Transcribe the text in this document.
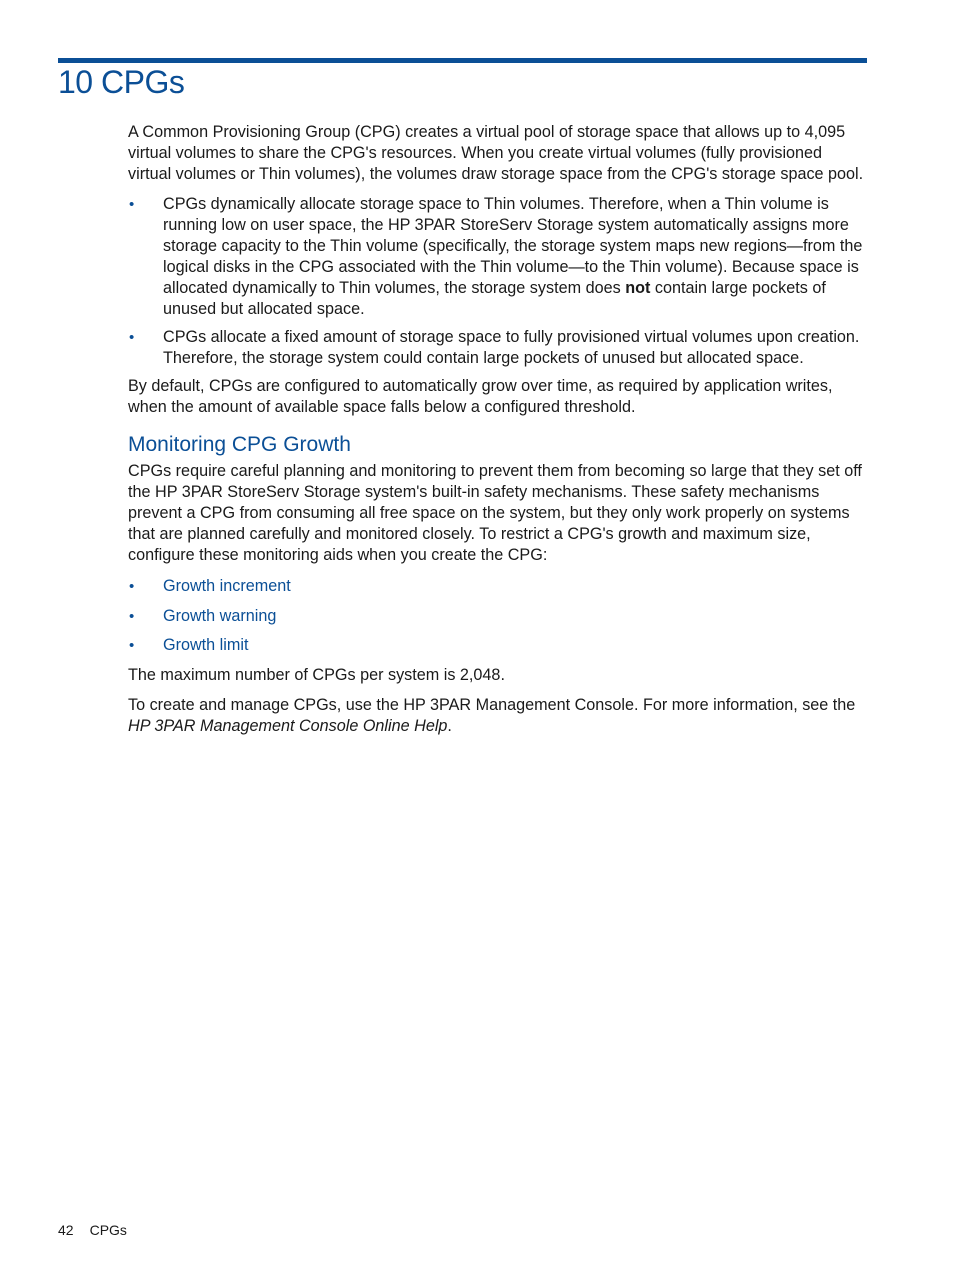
10 CPGs

A Common Provisioning Group (CPG) creates a virtual pool of storage space that allows up to 4,095 virtual volumes to share the CPG's resources. When you create virtual volumes (fully provisioned virtual volumes or Thin volumes), the volumes draw storage space from the CPG's storage space pool.

• CPGs dynamically allocate storage space to Thin volumes. Therefore, when a Thin volume is running low on user space, the HP 3PAR StoreServ Storage system automatically assigns more storage capacity to the Thin volume (specifically, the storage system maps new regions—from the logical disks in the CPG associated with the Thin volume—to the Thin volume). Because space is allocated dynamically to Thin volumes, the storage system does not contain large pockets of unused but allocated space.
• CPGs allocate a fixed amount of storage space to fully provisioned virtual volumes upon creation. Therefore, the storage system could contain large pockets of unused but allocated space.

By default, CPGs are configured to automatically grow over time, as required by application writes, when the amount of available space falls below a configured threshold.

Monitoring CPG Growth

CPGs require careful planning and monitoring to prevent them from becoming so large that they set off the HP 3PAR StoreServ Storage system's built-in safety mechanisms. These safety mechanisms prevent a CPG from consuming all free space on the system, but they only work properly on systems that are planned carefully and monitored closely. To restrict a CPG's growth and maximum size, configure these monitoring aids when you create the CPG:

• Growth increment
• Growth warning
• Growth limit

The maximum number of CPGs per system is 2,048.

To create and manage CPGs, use the HP 3PAR Management Console. For more information, see the HP 3PAR Management Console Online Help.

42 CPGs
